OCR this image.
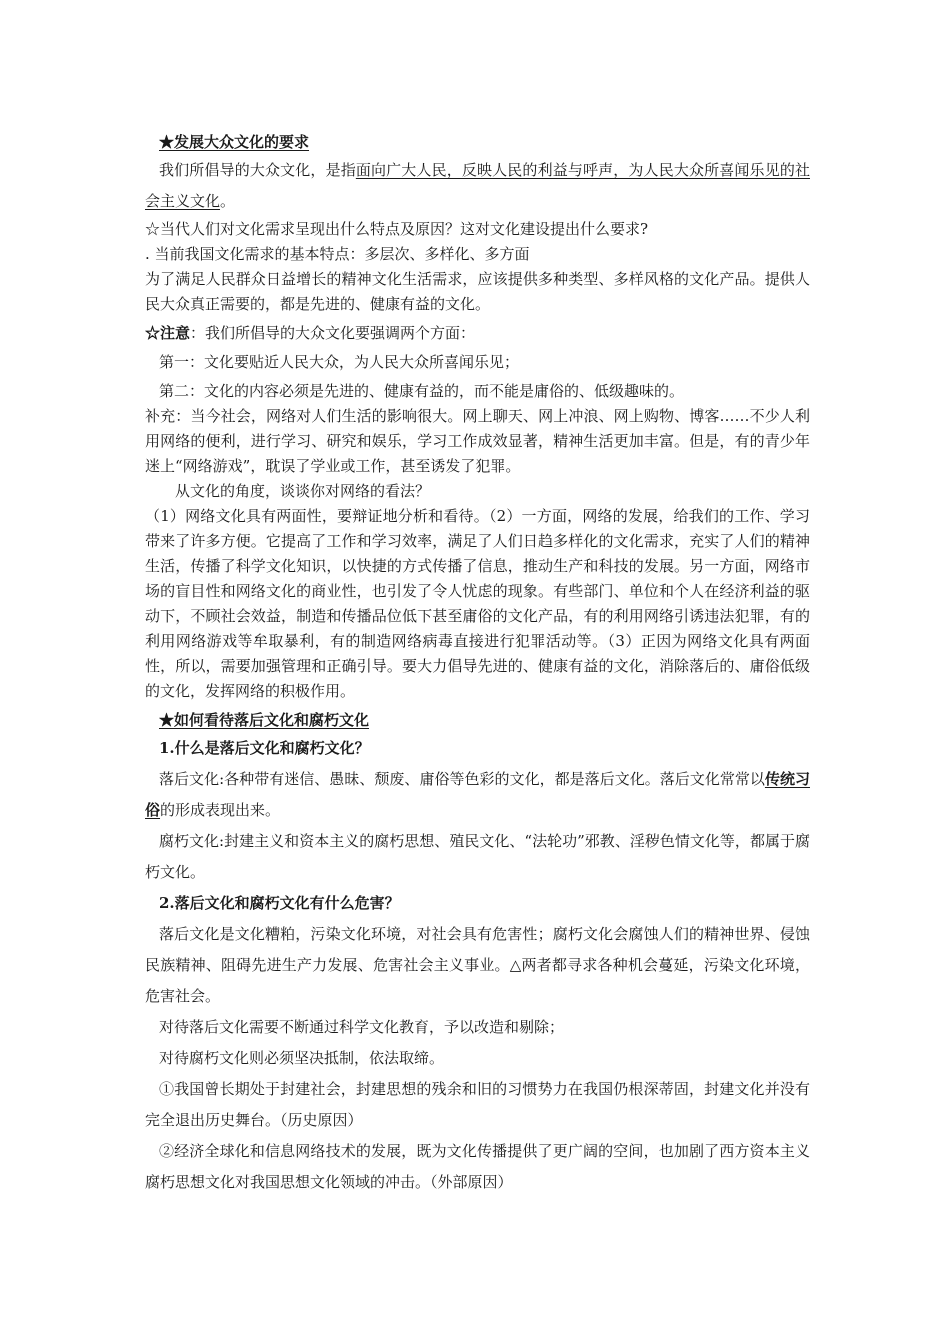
★发展大众文化的要求

我们所倡导的大众文化，是指面向广大人民，反映人民的利益与呼声，为人民大众所喜闻乐见的社会主义文化。

☆当代人们对文化需求呈现出什么特点及原因？这对文化建设提出什么要求?

. 当前我国文化需求的基本特点：多层次、多样化、多方面

为了满足人民群众日益增长的精神文化生活需求，应该提供多种类型、多样风格的文化产品。提供人民大众真正需要的，都是先进的、健康有益的文化。

☆注意：我们所倡导的大众文化要强调两个方面：

第一：文化要贴近人民大众，为人民大众所喜闻乐见；

第二：文化的内容必须是先进的、健康有益的，而不能是庸俗的、低级趣味的。

补充：当今社会，网络对人们生活的影响很大。网上聊天、网上冲浪、网上购物、博客……不少人利用网络的便利，进行学习、研究和娱乐，学习工作成效显著，精神生活更加丰富。但是，有的青少年迷上“网络游戏”，耽误了学业或工作，甚至诱发了犯罪。

从文化的角度，谈谈你对网络的看法？

（1）网络文化具有两面性，要辩证地分析和看待。（2）一方面，网络的发展，给我们的工作、学习带来了许多方便。它提高了工作和学习效率，满足了人们日趋多样化的文化需求，充实了人们的精神生活，传播了科学文化知识，以快捷的方式传播了信息，推动生产和科技的发展。另一方面，网络市场的盲目性和网络文化的商业性，也引发了令人忧虑的现象。有些部门、单位和个人在经济利益的驱动下，不顾社会效益，制造和传播品位低下甚至庸俗的文化产品，有的利用网络引诱违法犯罪，有的利用网络游戏等牟取暴利，有的制造网络病毒直接进行犯罪活动等。（3）正因为网络文化具有两面性，所以，需要加强管理和正确引导。要大力倡导先进的、健康有益的文化，消除落后的、庸俗低级的文化，发挥网络的积极作用。

★如何看待落后文化和腐朽文化

1.什么是落后文化和腐朽文化？

落后文化:各种带有迷信、愚昧、颓废、庸俗等色彩的文化，都是落后文化。落后文化常常以传统习俗的形成表现出来。

腐朽文化:封建主义和资本主义的腐朽思想、殖民文化、“法轮功”邪教、淫秽色情文化等，都属于腐朽文化。

2.落后文化和腐朽文化有什么危害？

落后文化是文化糟粕，污染文化环境，对社会具有危害性；腐朽文化会腐蚀人们的精神世界、侵蚀民族精神、阻碍先进生产力发展、危害社会主义事业。△两者都寻求各种机会蔓延，污染文化环境，危害社会。

对待落后文化需要不断通过科学文化教育，予以改造和剔除；

对待腐朽文化则必须坚决抵制，依法取缔。

①我国曾长期处于封建社会，封建思想的残余和旧的习惯势力在我国仍根深蒂固，封建文化并没有完全退出历史舞台。（历史原因）

②经济全球化和信息网络技术的发展，既为文化传播提供了更广阔的空间，也加剧了西方资本主义腐朽思想文化对我国思想文化领域的冲击。（外部原因）
